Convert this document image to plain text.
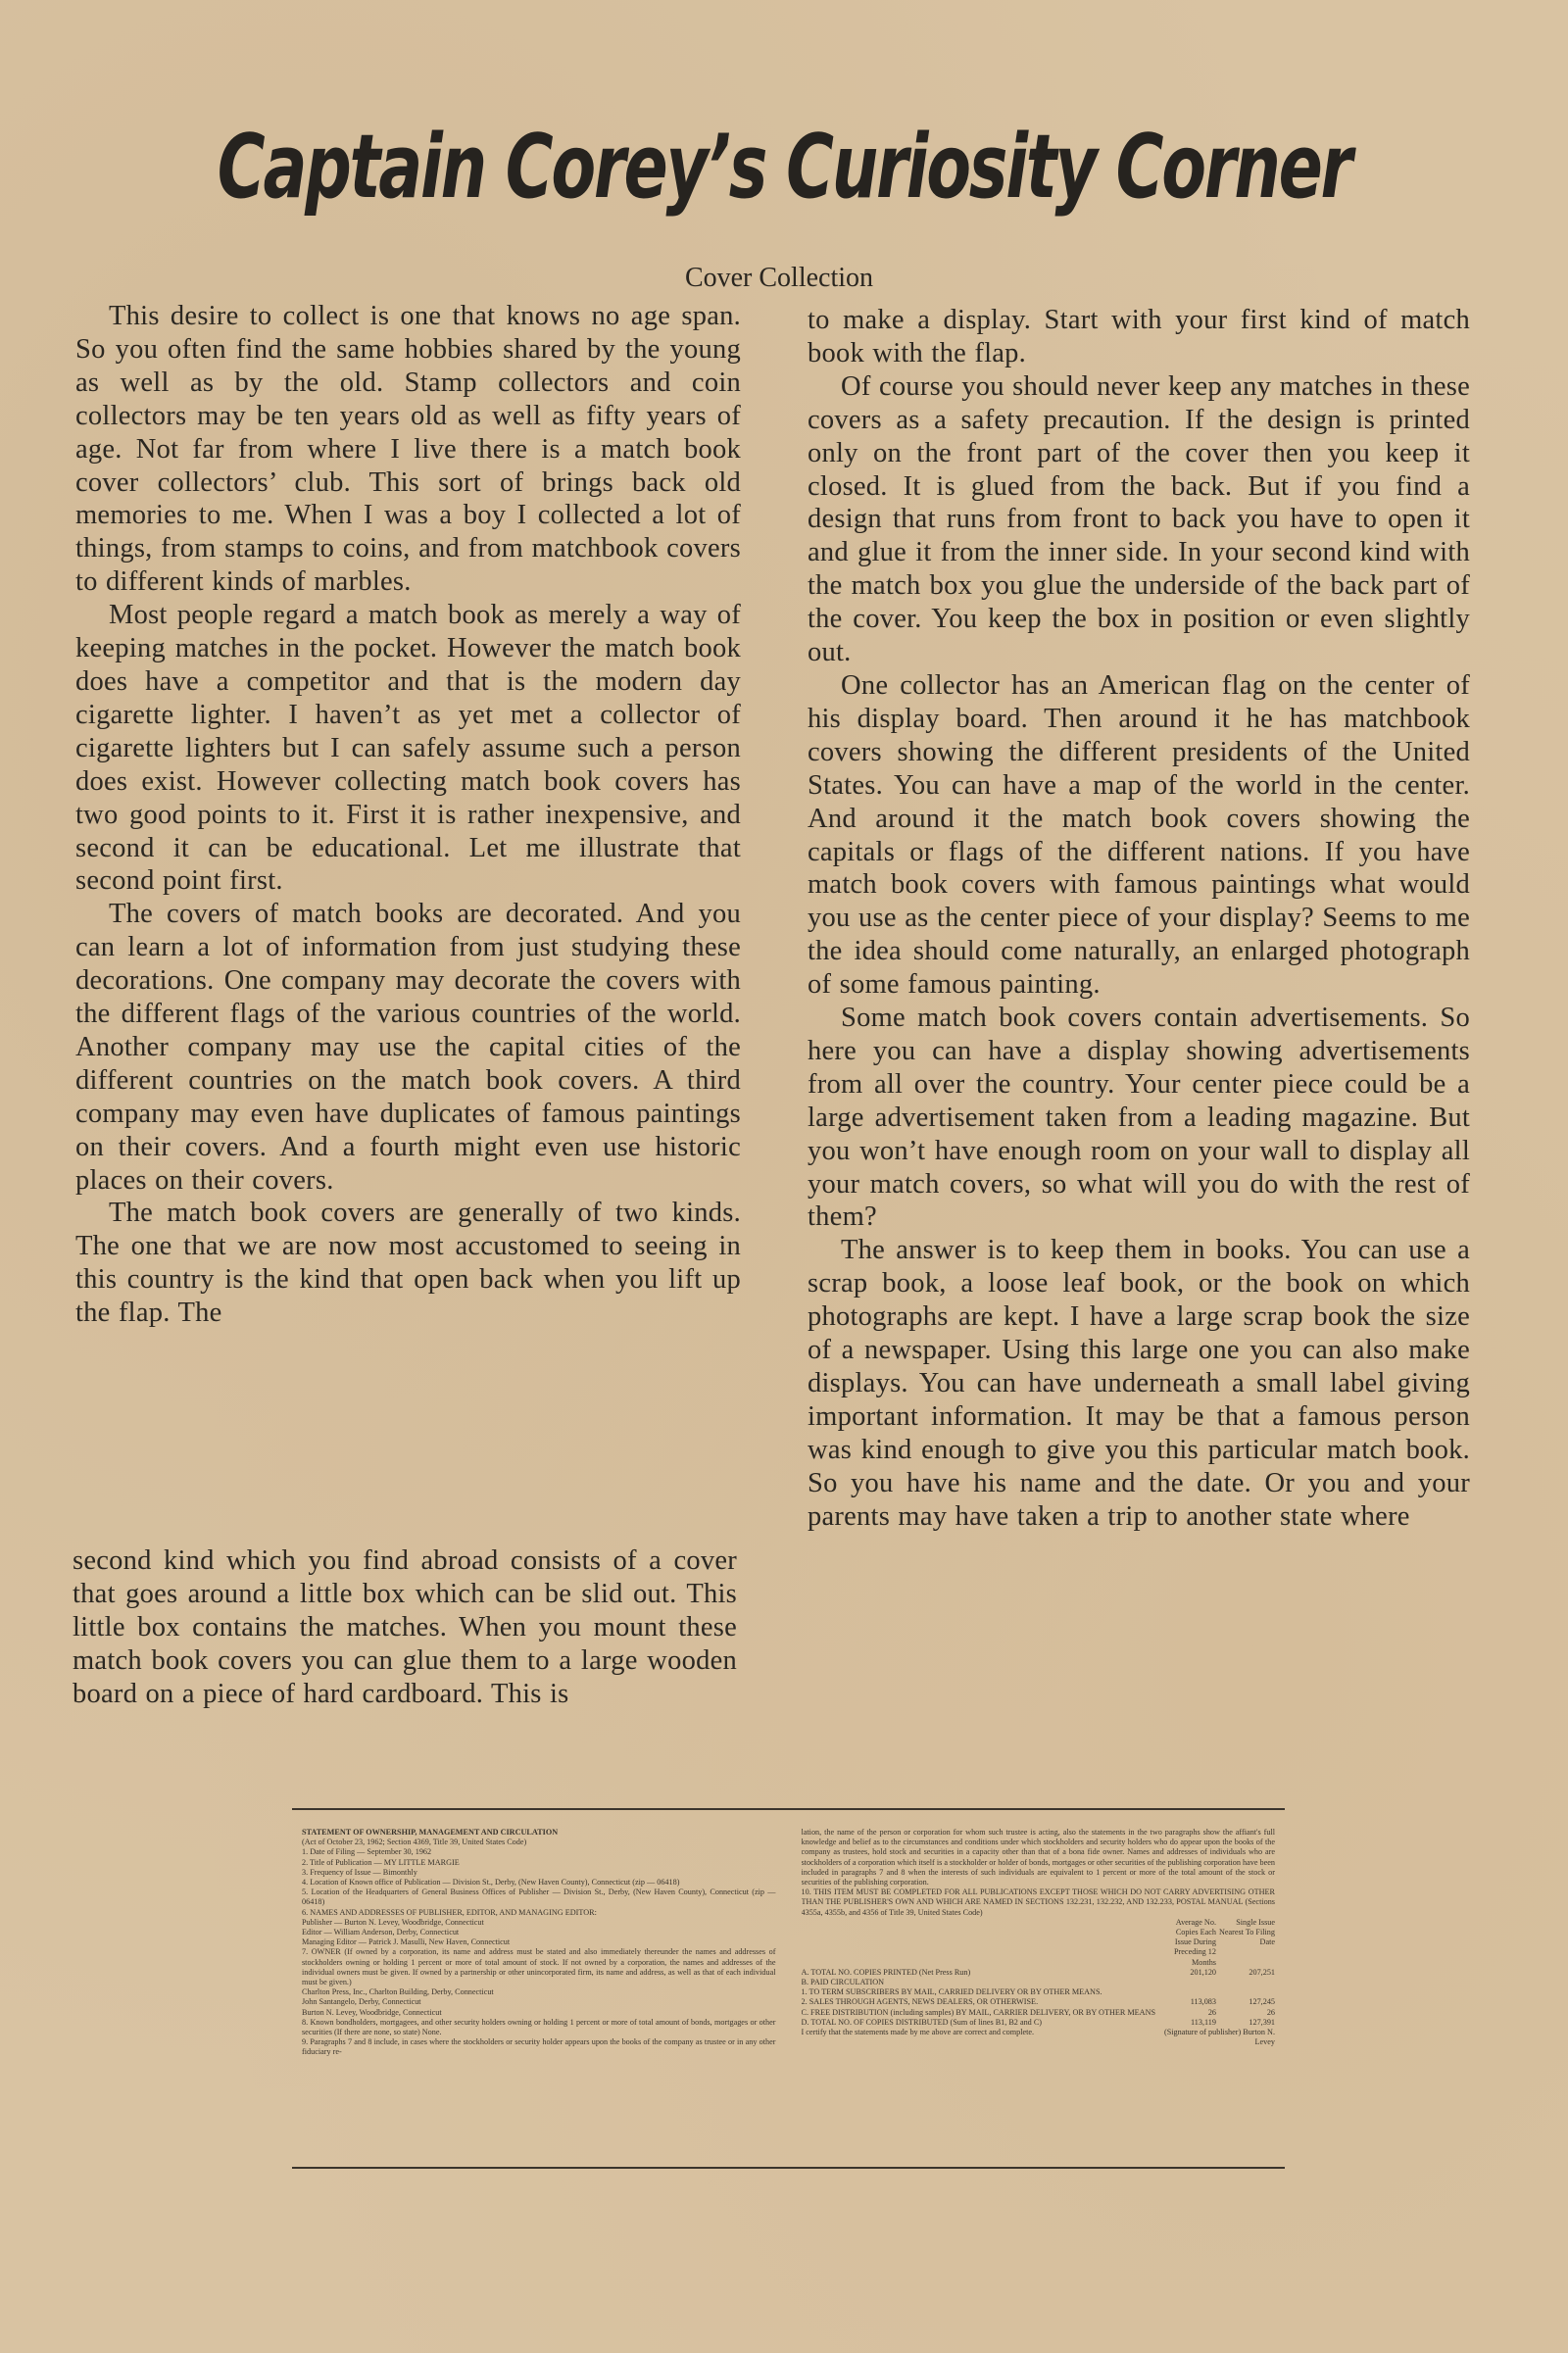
Captain Corey’s Curiosity Corner
Cover Collection

This desire to collect is one that knows no age span. So you often find the same hobbies shared by the young as well as by the old. Stamp collectors and coin collectors may be ten years old as well as fifty years of age. Not far from where I live there is a match book cover collectors’ club. This sort of brings back old memories to me. When I was a boy I collected a lot of things, from stamps to coins, and from matchbook covers to different kinds of marbles.

Most people regard a match book as merely a way of keeping matches in the pocket. However the match book does have a competitor and that is the modern day cigarette lighter. I haven’t as yet met a collector of cigarette lighters but I can safely assume such a person does exist. However collecting match book covers has two good points to it. First it is rather inexpensive, and second it can be educational. Let me illustrate that second point first.

The covers of match books are decorated. And you can learn a lot of information from just studying these decorations. One company may decorate the covers with the different flags of the various countries of the world. Another company may use the capital cities of the different countries on the match book covers. A third company may even have duplicates of famous paintings on their covers. And a fourth might even use historic places on their covers.

The match book covers are generally of two kinds. The one that we are now most accustomed to seeing in this country is the kind that open back when you lift up the flap. The

second kind which you find abroad consists of a cover that goes around a little box which can be slid out. This little box contains the matches. When you mount these match book covers you can glue them to a large wooden board on a piece of hard cardboard. This is

to make a display. Start with your first kind of match book with the flap.

Of course you should never keep any matches in these covers as a safety precaution. If the design is printed only on the front part of the cover then you keep it closed. It is glued from the back. But if you find a design that runs from front to back you have to open it and glue it from the inner side. In your second kind with the match box you glue the underside of the back part of the cover. You keep the box in position or even slightly out.

One collector has an American flag on the center of his display board. Then around it he has matchbook covers showing the different presidents of the United States. You can have a map of the world in the center. And around it the match book covers showing the capitals or flags of the different nations. If you have match book covers with famous paintings what would you use as the center piece of your display? Seems to me the idea should come naturally, an enlarged photograph of some famous painting.

Some match book covers contain advertisements. So here you can have a display showing advertisements from all over the country. Your center piece could be a large advertisement taken from a leading magazine. But you won’t have enough room on your wall to display all your match covers, so what will you do with the rest of them?

The answer is to keep them in books. You can use a scrap book, a loose leaf book, or the book on which photographs are kept. I have a large scrap book the size of a newspaper. Using this large one you can also make displays. You can have underneath a small label giving important information. It may be that a famous person was kind enough to give you this particular match book. So you have his name and the date. Or you and your parents may have taken a trip to another state where

STATEMENT OF OWNERSHIP, MANAGEMENT AND CIRCULATION
(Act of October 23, 1962; Section 4369, Title 39, United States Code)
1. Date of Filing — September 30, 1962
2. Title of Publication — MY LITTLE MARGIE
3. Frequency of Issue — Bimonthly
4. Location of Known office of Publication — Division St., Derby, (New Haven County), Connecticut (zip — 06418)
5. Location of the Headquarters of General Business Offices of Publisher — Division St., Derby, (New Haven County), Connecticut (zip — 06418)
6. NAMES AND ADDRESSES OF PUBLISHER, EDITOR, AND MANAGING EDITOR:
Publisher — Burton N. Levey, Woodbridge, Connecticut
Editor — William Anderson, Derby, Connecticut
Managing Editor — Patrick J. Masulli, New Haven, Connecticut
7. OWNER (If owned by a corporation, its name and address must be stated and also immediately thereunder the names and addresses of stockholders owning or holding 1 percent or more of total amount of stock. If not owned by a corporation, the names and addresses of the individual owners must be given. If owned by a partnership or other unincorporated firm, its name and address, as well as that of each individual must be given.)
Charlton Press, Inc., Charlton Building, Derby, Connecticut
John Santangelo, Derby, Connecticut
Burton N. Levey, Woodbridge, Connecticut
8. Known bondholders, mortgagees, and other security holders owning or holding 1 percent or more of total amount of bonds, mortgages or other securities (If there are none, so state) None.
9. Paragraphs 7 and 8 include, in cases where the stockholders or security holder appears upon the books of the company as trustee or in any other fiduciary re-
lation, the name of the person or corporation for whom such trustee is acting, also the statements in the two paragraphs show the affiant's full knowledge and belief as to the circumstances and conditions under which stockholders and security holders who do appear upon the books of the company as trustees, hold stock and securities in a capacity other than that of a bona fide owner. Names and addresses of individuals who are stockholders of a corporation which itself is a stockholder or holder of bonds, mortgages or other securities of the publishing corporation have been included in paragraphs 7 and 8 when the interests of such individuals are equivalent to 1 percent or more of the total amount of the stock or securities of the publishing corporation.
10. THIS ITEM MUST BE COMPLETED FOR ALL PUBLICATIONS EXCEPT THOSE WHICH DO NOT CARRY ADVERTISING OTHER THAN THE PUBLISHER'S OWN AND WHICH ARE NAMED IN SECTIONS 132.231, 132.232, AND 132.233, POSTAL MANUAL (Sections 4355a, 4355b, and 4356 of Title 39, United States Code)
Average No. Copies Each Issue During Preceding 12 Months
Single Issue Nearest To Filing Date
A. TOTAL NO. COPIES PRINTED (Net Press Run)	201,120	207,251
B. PAID CIRCULATION
1. TO TERM SUBSCRIBERS BY MAIL, CARRIED DELIVERY OR BY OTHER MEANS.
2. SALES THROUGH AGENTS, NEWS DEALERS, OR OTHERWISE.	113,083	127,245
C. FREE DISTRIBUTION (including samples) BY MAIL, CARRIER DELIVERY, OR BY OTHER MEANS	26	26
D. TOTAL NO. OF COPIES DISTRIBUTED (Sum of lines B1, B2 and C)	113,119	127,391
I certify that the statements made by me above are correct and complete.	(Signature of publisher) Burton N. Levey
